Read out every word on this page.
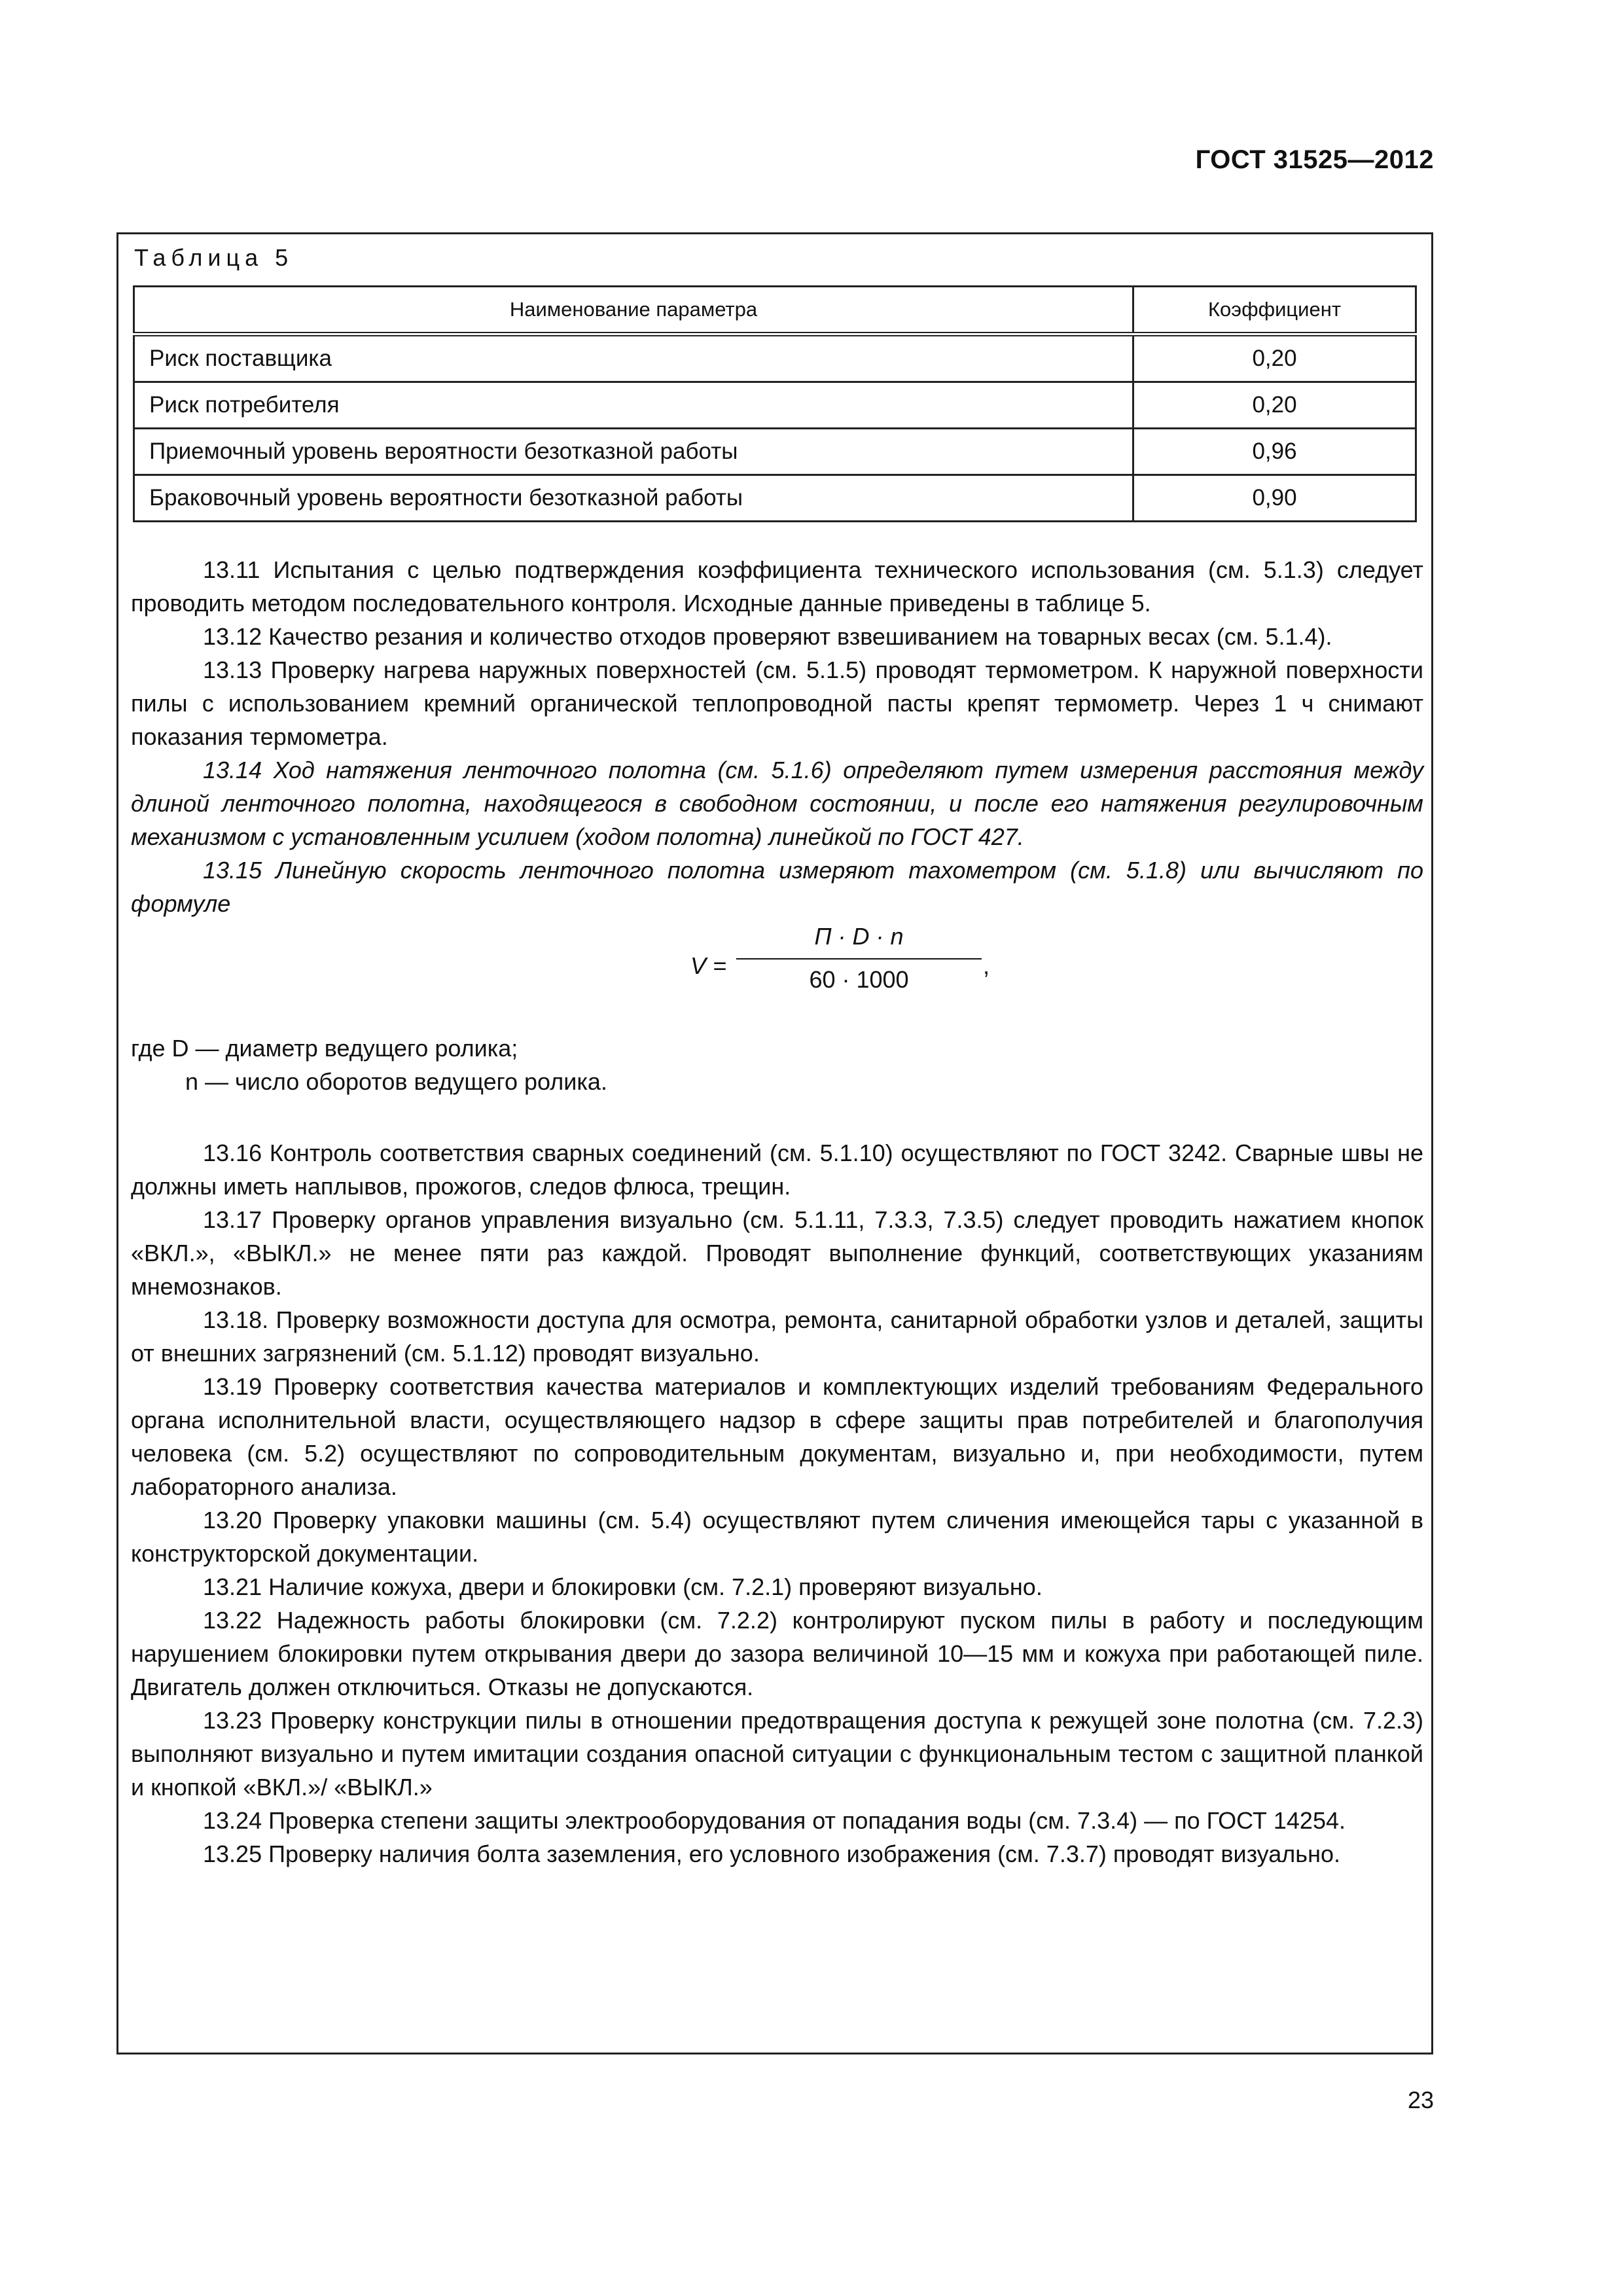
ГОСТ 31525—2012
Таблица 5
Наименование параметра	Коэффициент
Риск поставщика	0,20
Риск потребителя	0,20
Приемочный уровень вероятности безотказной работы	0,96
Браковочный уровень вероятности безотказной работы	0,90

13.11 Испытания с целью подтверждения коэффициента технического использования (см. 5.1.3) следует проводить методом последовательного контроля. Исходные данные приведены в таблице 5.

13.12 Качество резания и количество отходов проверяют взвешиванием на товарных весах (см. 5.1.4).

13.13 Проверку нагрева наружных поверхностей (см. 5.1.5) проводят термометром. К наружной поверхности пилы с использованием кремний органической теплопроводной пасты крепят термометр. Через 1 ч снимают показания термометра.

13.14 Ход натяжения ленточного полотна (см. 5.1.6) определяют путем измерения расстояния между длиной ленточного полотна, находящегося в свободном состоянии, и после его натяжения регулировочным механизмом с установленным усилием (ходом полотна) линейкой по ГОСТ 427.

13.15 Линейную скорость ленточного полотна измеряют тахометром (см. 5.1.8) или вычисляют по формуле

V =
П · D · n
60 · 1000
,

где D — диаметр ведущего ролика;

n — число оборотов ведущего ролика.

13.16 Контроль соответствия сварных соединений (см. 5.1.10) осуществляют по ГОСТ 3242. Сварные швы не должны иметь наплывов, прожогов, следов флюса, трещин.

13.17 Проверку органов управления визуально (см. 5.1.11, 7.3.3, 7.3.5) следует проводить нажатием кнопок «ВКЛ.», «ВЫКЛ.» не менее пяти раз каждой. Проводят выполнение функций, соответствующих указаниям мнемознаков.

13.18. Проверку возможности доступа для осмотра, ремонта, санитарной обработки узлов и деталей, защиты от внешних загрязнений (см. 5.1.12) проводят визуально.

13.19 Проверку соответствия качества материалов и комплектующих изделий требованиям Федерального органа исполнительной власти, осуществляющего надзор в сфере защиты прав потребителей и благополучия человека (см. 5.2) осуществляют по сопроводительным документам, визуально и, при необходимости, путем лабораторного анализа.

13.20 Проверку упаковки машины (см. 5.4) осуществляют путем сличения имеющейся тары с указанной в конструкторской документации.

13.21 Наличие кожуха, двери и блокировки (см. 7.2.1) проверяют визуально.

13.22 Надежность работы блокировки (см. 7.2.2) контролируют пуском пилы в работу и последующим нарушением блокировки путем открывания двери до зазора величиной 10—15 мм и кожуха при работающей пиле. Двигатель должен отключиться. Отказы не допускаются.

13.23 Проверку конструкции пилы в отношении предотвращения доступа к режущей зоне полотна (см. 7.2.3) выполняют визуально и путем имитации создания опасной ситуации с функциональным тестом с защитной планкой и кнопкой «ВКЛ.»/ «ВЫКЛ.»

13.24 Проверка степени защиты электрооборудования от попадания воды (см. 7.3.4) — по ГОСТ 14254.

13.25 Проверку наличия болта заземления, его условного изображения (см. 7.3.7) проводят визуально.

23
